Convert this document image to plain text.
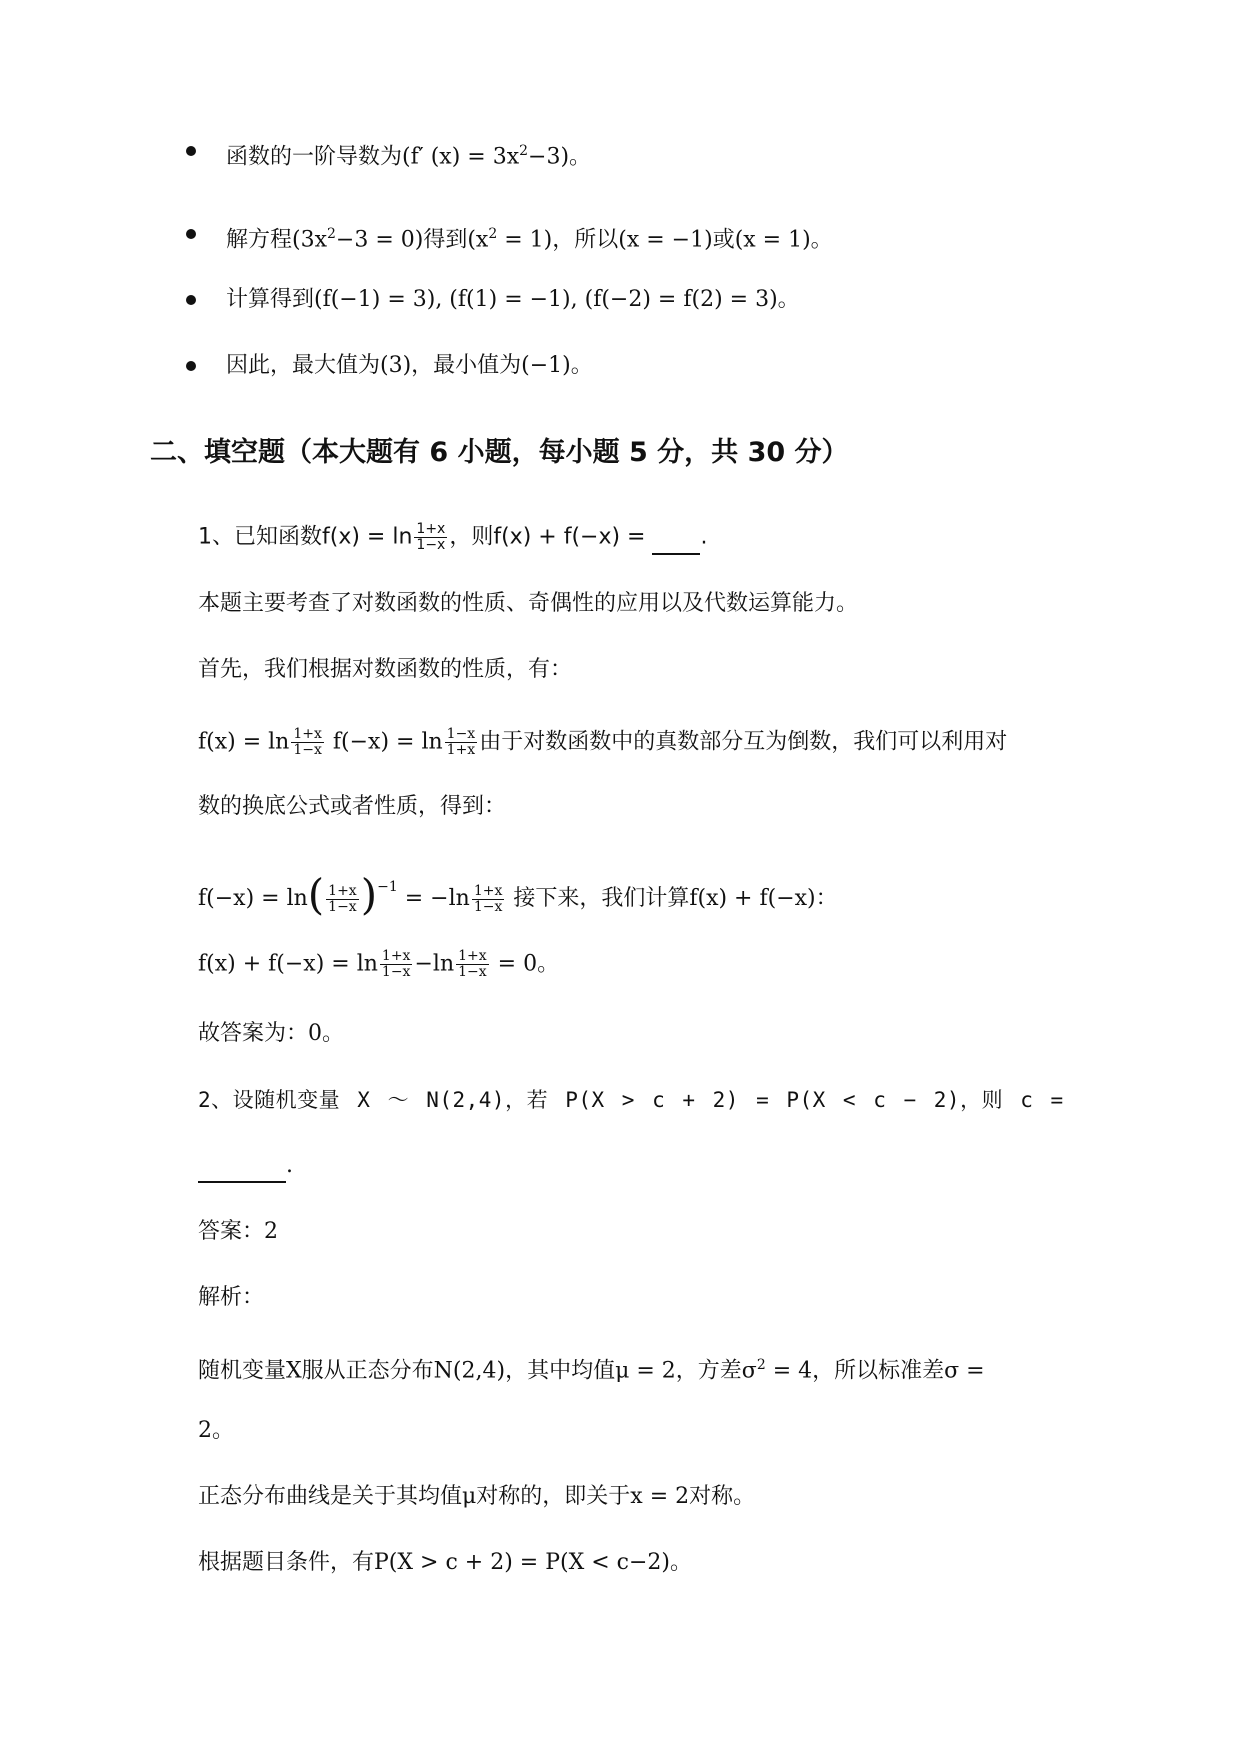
函数的一阶导数为(f′ $(x) = 3x^2-3$)。
解方程$(3x^2-3 = 0)$得到$(x^2 = 1)$，所以(x = −1)或(x = 1)。
计算得到(f(−1) = 3), (f(1) = −1), (f(−2) = f(2) = 3)。
因此，最大值为(3)，最小值为(−1)。
二、填空题（本大题有 6 小题，每小题 5 分，共 30 分）
1、已知函数$f(x) = \ln \frac{1+x}{1-x}$ ，则f(x) + f(−x) =  .
本题主要考查了对数函数的性质、奇偶性的应用以及代数运算能力。
首先，我们根据对数函数的性质，有：
$f(x) = \ln \frac{1+x}{1-x} f(-x) = \ln \frac{1-x}{1+x}$ 由于对数函数中的真数部分互为倒数，我们可以利用对
数的换底公式或者性质，得到：
$f(-x) = \ln( \frac{1+x}{1-x} )^{-1} = -\ln \frac{1+x}{1-x}$ 接下来，我们计算f(x) + f(−x)：
$f(x) + f(-x) = \ln \frac{1+x}{1-x} -\ln \frac{1+x}{1-x} = 0$。
故答案为：0。
2、设随机变量 X ～ N(2,4)，若 P(X > c + 2) = P(X < c − 2)，则 c =
.
答案：2
解析：
随机变量X服从正态分布N(2,4)，其中均值μ = 2，方差$\sigma^2 = 4$，所以标准差σ =
2。
正态分布曲线是关于其均值μ对称的，即关于x = 2对称。
根据题目条件，有P(X > c + 2) = P(X < c−2)。
